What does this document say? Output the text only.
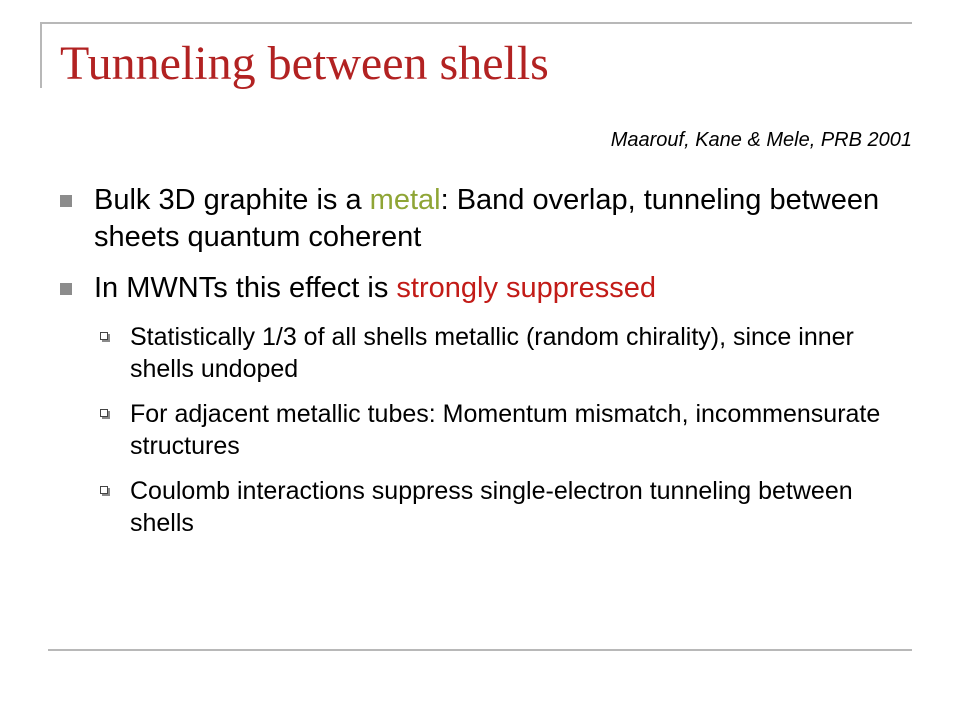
Tunneling between shells

Maarouf, Kane & Mele, PRB 2001

Bulk 3D graphite is a metal: Band overlap, tunneling between sheets quantum coherent

In MWNTs this effect is strongly suppressed

Statistically 1/3 of all shells metallic (random chirality), since inner shells undoped

For adjacent metallic tubes: Momentum mismatch, incommensurate structures

Coulomb interactions suppress single-electron tunneling between shells
